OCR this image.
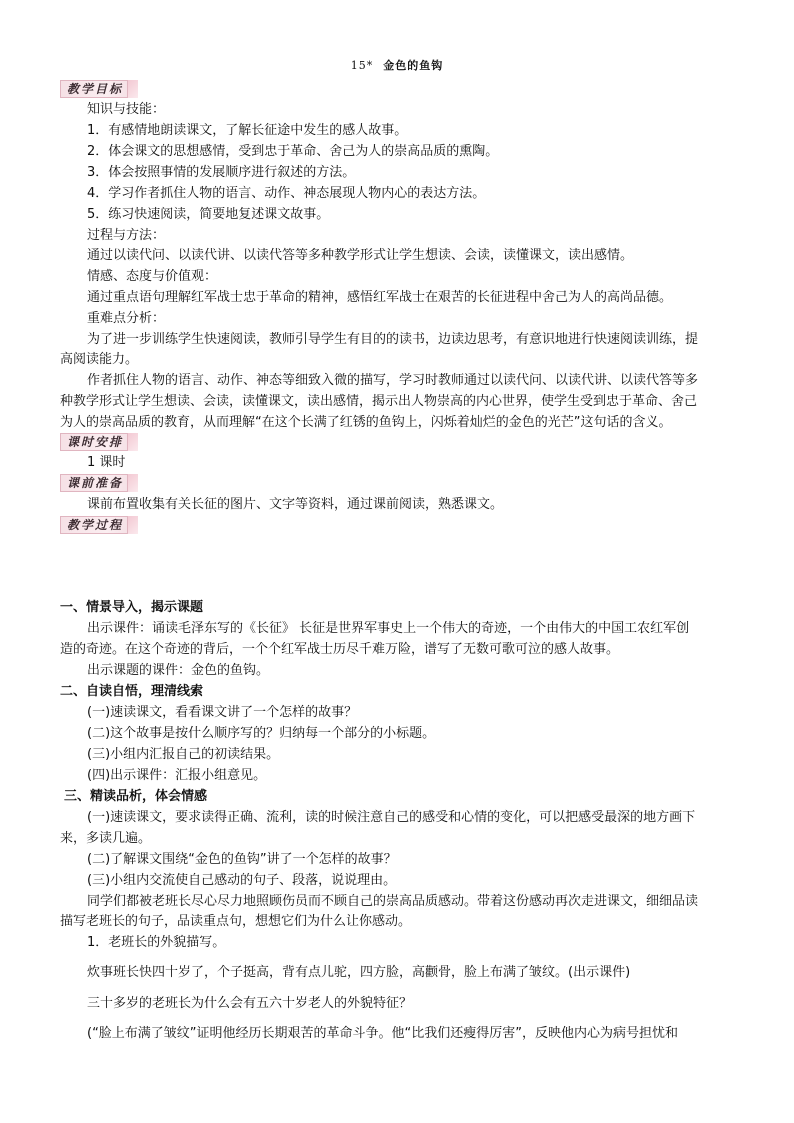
15* 金色的鱼钩
教学目标
知识与技能：
1．有感情地朗读课文，了解长征途中发生的感人故事。
2．体会课文的思想感情，受到忠于革命、舍己为人的崇高品质的熏陶。
3．体会按照事情的发展顺序进行叙述的方法。
4．学习作者抓住人物的语言、动作、神态展现人物内心的表达方法。
5．练习快速阅读，简要地复述课文故事。
过程与方法：
通过以读代问、以读代讲、以读代答等多种教学形式让学生想读、会读，读懂课文，读出感情。
情感、态度与价值观：
通过重点语句理解红军战士忠于革命的精神，感悟红军战士在艰苦的长征进程中舍己为人的高尚品德。
重难点分析：
为了进一步训练学生快速阅读，教师引导学生有目的的读书，边读边思考，有意识地进行快速阅读训练，提
高阅读能力。
作者抓住人物的语言、动作、神态等细致入微的描写，学习时教师通过以读代问、以读代讲、以读代答等多
种教学形式让学生想读、会读，读懂课文，读出感情，揭示出人物崇高的内心世界，使学生受到忠于革命、舍己
为人的崇高品质的教育，从而理解“在这个长满了红锈的鱼钩上，闪烁着灿烂的金色的光芒”这句话的含义。
课时安排
1 课时
课前准备
课前布置收集有关长征的图片、文字等资料，通过课前阅读，熟悉课文。
教学过程
一、情景导入，揭示课题
出示课件：诵读毛泽东写的《长征》 长征是世界军事史上一个伟大的奇迹，一个由伟大的中国工农红军创
造的奇迹。在这个奇迹的背后，一个个红军战士历尽千难万险，谱写了无数可歌可泣的感人故事。
出示课题的课件：金色的鱼钩。
二、自读自悟，理清线索
(一)速读课文，看看课文讲了一个怎样的故事？
(二)这个故事是按什么顺序写的？归纳每一个部分的小标题。
(三)小组内汇报自己的初读结果。
(四)出示课件：汇报小组意见。
三、精读品析，体会情感
(一)速读课文，要求读得正确、流利，读的时候注意自己的感受和心情的变化，可以把感受最深的地方画下
来，多读几遍。
(二)了解课文围绕“金色的鱼钩”讲了一个怎样的故事？
(三)小组内交流使自己感动的句子、段落，说说理由。
同学们都被老班长尽心尽力地照顾伤员而不顾自己的崇高品质感动。带着这份感动再次走进课文，细细品读
描写老班长的句子，品读重点句，想想它们为什么让你感动。
1．老班长的外貌描写。
炊事班长快四十岁了，个子挺高，背有点儿驼，四方脸，高颧骨，脸上布满了皱纹。(出示课件)
三十多岁的老班长为什么会有五六十岁老人的外貌特征？
(“脸上布满了皱纹”证明他经历长期艰苦的革命斗争。他“比我们还瘦得厉害”，反映他内心为病号担忧和
